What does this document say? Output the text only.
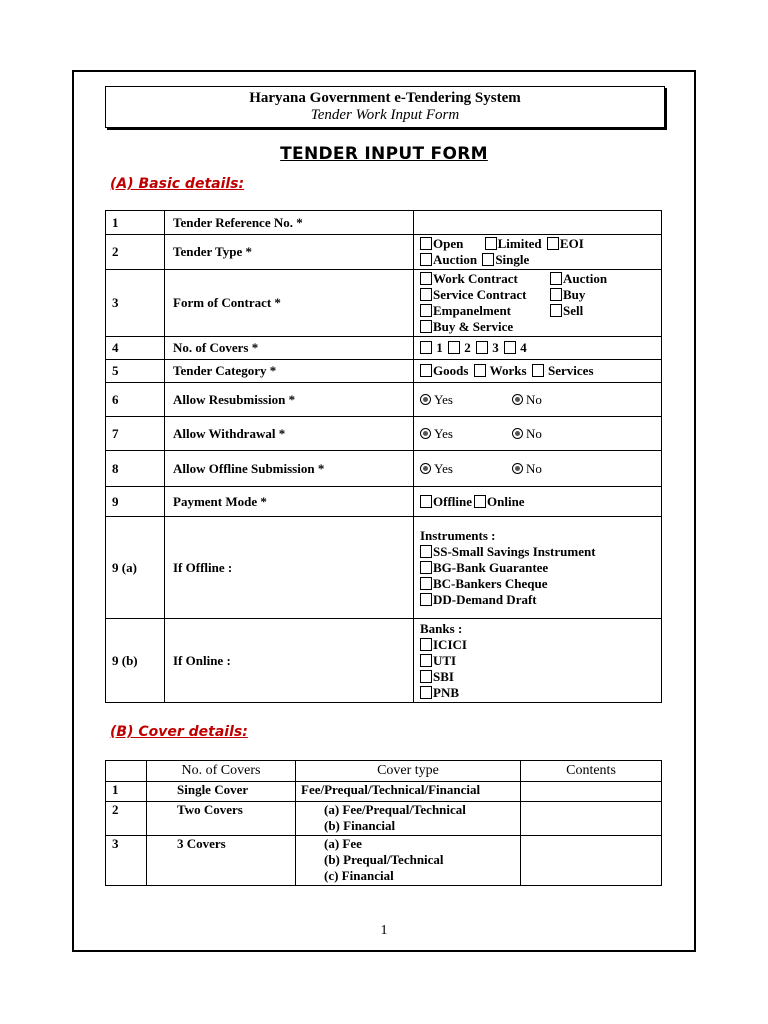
Haryana Government e-Tendering System
Tender Work Input Form
TENDER INPUT FORM
(A) Basic details:
1	Tender Reference No. *	
2	Tender Type *	Open Limited EOI
Auction Single
3	Form of Contract *	Work Contract Auction
Service Contract Buy
Empanelment Sell
Buy & Service
4	No. of Covers *	1 2 3 4
5	Tender Category *	Goods Works Services
6	Allow Resubmission *	Yes No
7	Allow Withdrawal *	Yes No
8	Allow Offline Submission *	Yes No
9	Payment Mode *	Offline Online
9 (a)	If Offline :	Instruments :
SS-Small Savings Instrument
BG-Bank Guarantee
BC-Bankers Cheque
DD-Demand Draft

9 (b)	If Online :	Banks :
ICICI
UTI
SBI
PNB
(B) Cover details:
	No. of Covers	Cover type	Contents
1	Single Cover	Fee/Prequal/Technical/Financial	

2	Two Covers	(a) Fee/Prequal/Technical
(b) Financial	

3	3 Covers	(a) Fee
(b) Prequal/Technical
(c) Financial	

1
